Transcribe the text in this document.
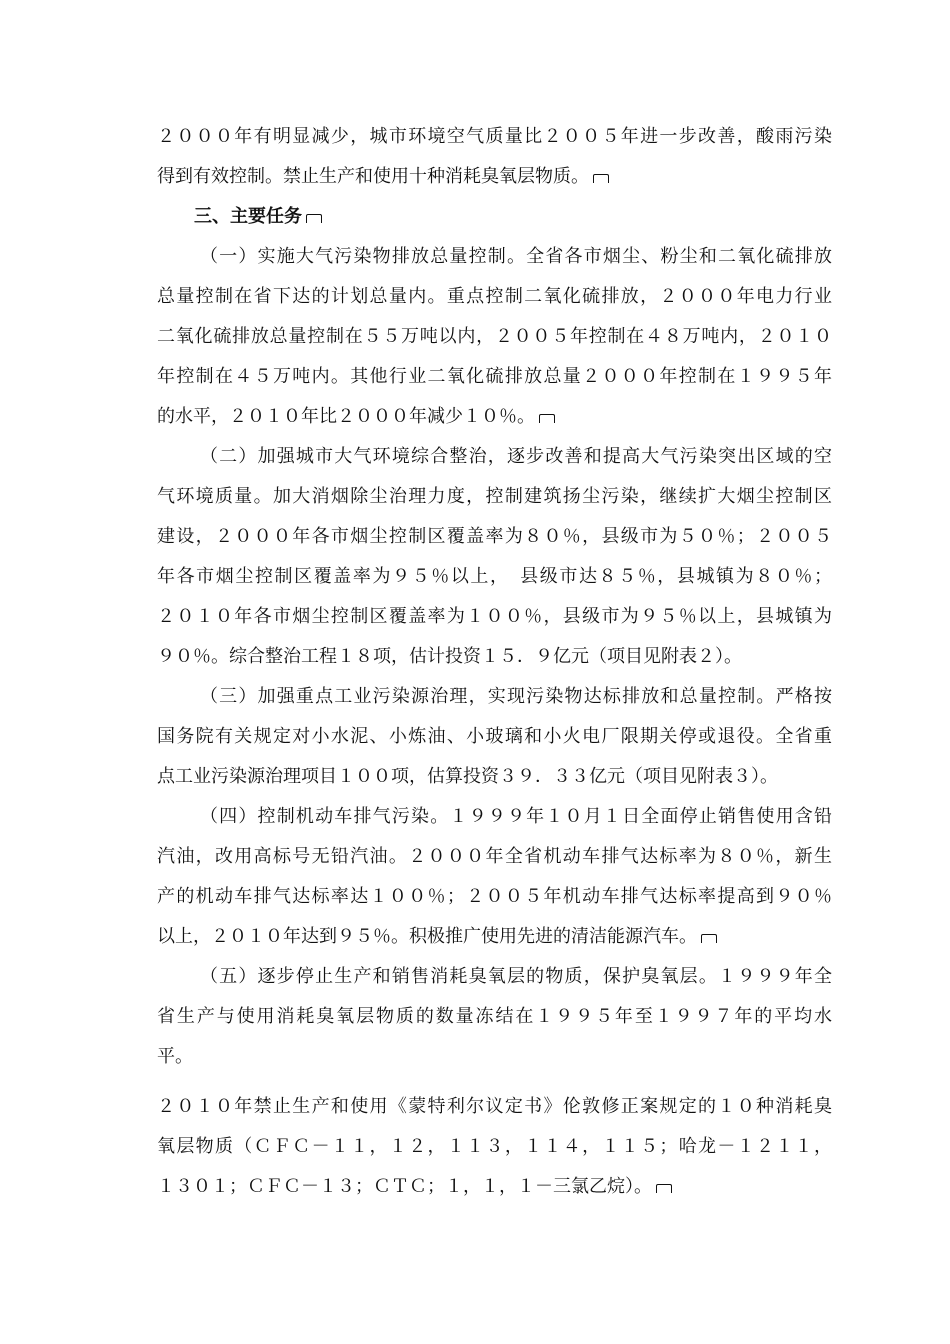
２０００年有明显减少，城市环境空气质量比２００５年进一步改善，酸雨污染
得到有效控制。禁止生产和使用十种消耗臭氧层物质。
三、主要任务
（一）实施大气污染物排放总量控制。全省各市烟尘、粉尘和二氧化硫排放
总量控制在省下达的计划总量内。重点控制二氧化硫排放，２０００年电力行业
二氧化硫排放总量控制在５５万吨以内，２００５年控制在４８万吨内，２０１０
年控制在４５万吨内。其他行业二氧化硫排放总量２０００年控制在１９９５年
的水平，２０１０年比２０００年减少１０％。
（二）加强城市大气环境综合整治，逐步改善和提高大气污染突出区域的空
气环境质量。加大消烟除尘治理力度，控制建筑扬尘污染，继续扩大烟尘控制区
建设，２０００年各市烟尘控制区覆盖率为８０％，县级市为５０％；２００５
年各市烟尘控制区覆盖率为９５％以上，　县级市达８５％，县城镇为８０％；
２０１０年各市烟尘控制区覆盖率为１００％，县级市为９５％以上，县城镇为
９０％。综合整治工程１８项，估计投资１５．９亿元（项目见附表２）。
（三）加强重点工业污染源治理，实现污染物达标排放和总量控制。严格按
国务院有关规定对小水泥、小炼油、小玻璃和小火电厂限期关停或退役。全省重
点工业污染源治理项目１００项，估算投资３９．３３亿元（项目见附表３）。
（四）控制机动车排气污染。１９９９年１０月１日全面停止销售使用含铅
汽油，改用高标号无铅汽油。２０００年全省机动车排气达标率为８０％，新生
产的机动车排气达标率达１００％；２００５年机动车排气达标率提高到９０％
以上，２０１０年达到９５％。积极推广使用先进的清洁能源汽车。
（五）逐步停止生产和销售消耗臭氧层的物质，保护臭氧层。１９９９年全
省生产与使用消耗臭氧层物质的数量冻结在１９９５年至１９９７年的平均水
平。
２０１０年禁止生产和使用《蒙特利尔议定书》伦敦修正案规定的１０种消耗臭
氧层物质（ＣＦＣ－１１，１２，１１３，１１４，１１５；哈龙－１２１１，
１３０１；ＣＦＣ－１３；ＣＴＣ；１，１，１－三氯乙烷）。
